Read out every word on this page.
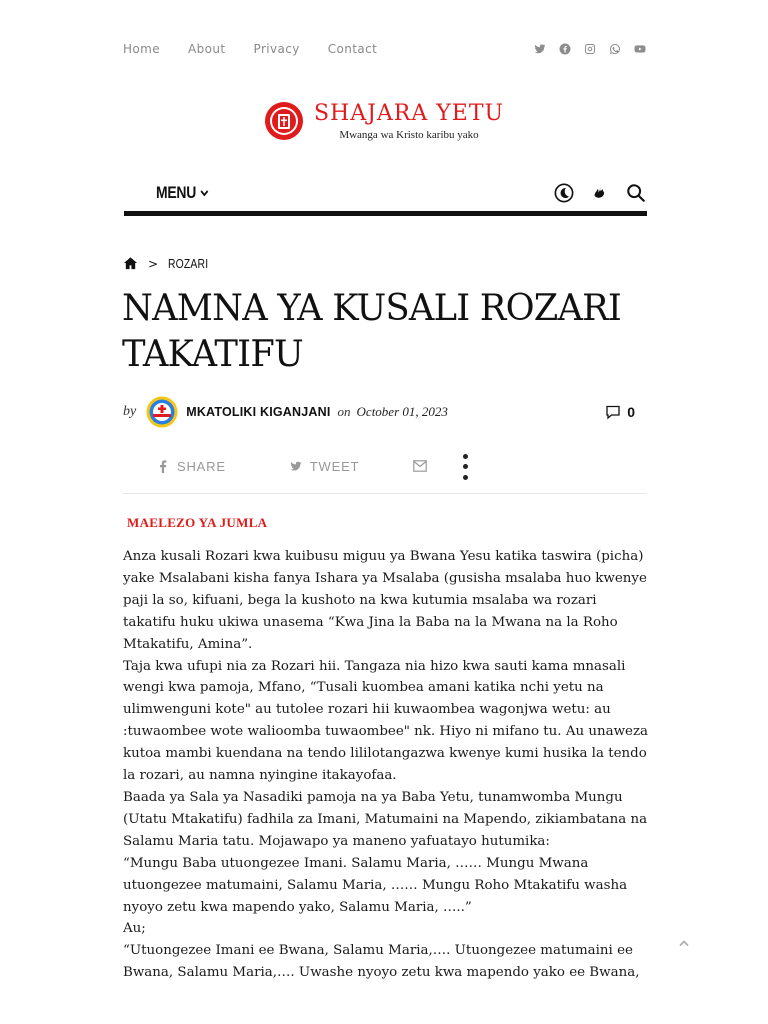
Home About Privacy Contact
SHAJARA YETU
Mwanga wa Kristo karibu yako
MENU
> ROZARI
NAMNA YA KUSALI ROZARI TAKATIFU
by	MKATOLIKI KIGANJANI on October 01, 2023	0
SHARE	TWEET
MAELEZO YA JUMLA

Anza kusali Rozari kwa kuibusu miguu ya Bwana Yesu katika taswira (picha) yake Msalabani kisha fanya Ishara ya Msalaba (gusisha msalaba huo kwenye paji la so, kifuani, bega la kushoto na kwa kutumia msalaba wa rozari takatifu huku ukiwa unasema “Kwa Jina la Baba na la Mwana na la Roho Mtakatifu, Amina”.

Taja kwa ufupi nia za Rozari hii. Tangaza nia hizo kwa sauti kama mnasali wengi kwa pamoja, Mfano, “Tusali kuombea amani katika nchi yetu na ulimwenguni kote" au tutolee rozari hii kuwaombea wagonjwa wetu: au :tuwaombee wote walioomba tuwaombee" nk. Hiyo ni mifano tu. Au unaweza kutoa mambi kuendana na tendo lililotangazwa kwenye kumi husika la tendo la rozari, au namna nyingine itakayofaa.

Baada ya Sala ya Nasadiki pamoja na ya Baba Yetu, tunamwomba Mungu (Utatu Mtakatifu) fadhila za Imani, Matumaini na Mapendo, zikiambatana na Salamu Maria tatu. Mojawapo ya maneno yafuatayo hutumika:

“Mungu Baba utuongezee Imani. Salamu Maria, …… Mungu Mwana utuongezee matumaini, Salamu Maria, …… Mungu Roho Mtakatifu washa nyoyo zetu kwa mapendo yako, Salamu Maria, …..”

Au;

“Utuongezee Imani ee Bwana, Salamu Maria,…. Utuongezee matumaini ee Bwana, Salamu Maria,…. Uwashe nyoyo zetu kwa mapendo yako ee Bwana,
